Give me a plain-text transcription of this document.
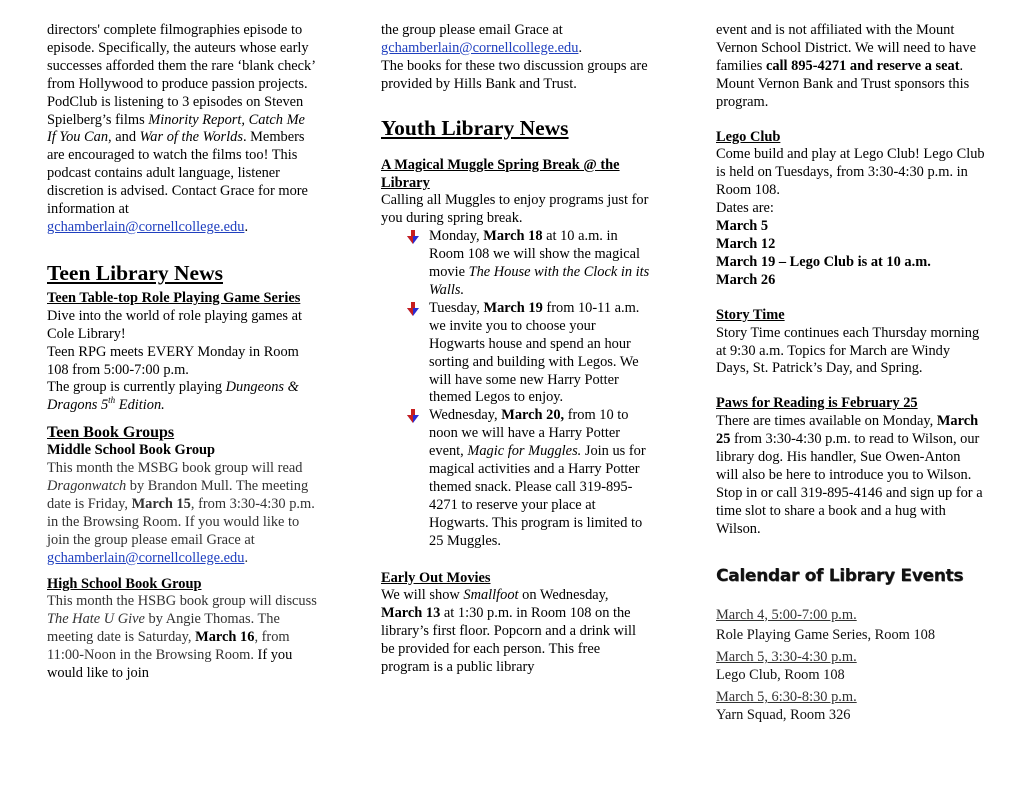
directors' complete filmographies episode to episode. Specifically, the auteurs whose early successes afforded them the rare ‘blank check’ from Hollywood to produce passion projects. PodClub is listening to 3 episodes on Steven Spielberg’s films Minority Report, Catch Me If You Can, and War of the Worlds. Members are encouraged to watch the films too! This podcast contains adult language, listener discretion is advised. Contact Grace for more information at
gchamberlain@cornellcollege.edu.

Teen Library News
Teen Table-top Role Playing Game Series

Dive into the world of role playing games at Cole Library!

Teen RPG meets EVERY Monday in Room 108 from 5:00-7:00 p.m.

The group is currently playing Dungeons & Dragons 5th Edition.

Teen Book Groups
Middle School Book Group

This month the MSBG book group will read Dragonwatch by Brandon Mull. The meeting date is Friday, March 15, from 3:30-4:30 p.m. in the Browsing Room. If you would like to join the group please email Grace at
gchamberlain@cornellcollege.edu.

High School Book Group

This month the HSBG book group will discuss The Hate U Give by Angie Thomas. The meeting date is Saturday, March 16, from 11:00-Noon in the Browsing Room. If you would like to join

the group please email Grace at
gchamberlain@cornellcollege.edu.
The books for these two discussion groups are provided by Hills Bank and Trust.

Youth Library News
A Magical Muggle Spring Break @ the Library

Calling all Muggles to enjoy programs just for you during spring break.

Monday, March 18 at 10 a.m. in Room 108 we will show the magical movie The House with the Clock in its Walls.
Tuesday, March 19 from 10-11 a.m. we invite you to choose your Hogwarts house and spend an hour sorting and building with Legos. We will have some new Harry Potter themed Legos to enjoy.
Wednesday, March 20, from 10 to noon we will have a Harry Potter event, Magic for Muggles. Join us for magical activities and a Harry Potter themed snack. Please call 319-895-4271 to reserve your place at Hogwarts. This program is limited to 25 Muggles.
Early Out Movies

We will show Smallfoot on Wednesday, March 13 at 1:30 p.m. in Room 108 on the library’s first floor. Popcorn and a drink will be provided for each person. This free program is a public library

event and is not affiliated with the Mount Vernon School District. We will need to have families call 895-4271 and reserve a seat. Mount Vernon Bank and Trust sponsors this program.

Lego Club

Come build and play at Lego Club! Lego Club is held on Tuesdays, from 3:30-4:30 p.m. in Room 108.

Dates are:

March 5

March 12

March 19 – Lego Club is at 10 a.m.

March 26

Story Time

Story Time continues each Thursday morning at 9:30 a.m. Topics for March are Windy Days, St. Patrick’s Day, and Spring.

Paws for Reading is February 25

There are times available on Monday, March 25 from 3:30-4:30 p.m. to read to Wilson, our library dog. His handler, Sue Owen-Anton will also be here to introduce you to Wilson. Stop in or call 319-895-4146 and sign up for a time slot to share a book and a hug with Wilson.

Calendar of Library Events
March 4, 5:00-7:00 p.m.
Role Playing Game Series, Room 108
March 5, 3:30-4:30 p.m.
Lego Club, Room 108
March 5, 6:30-8:30 p.m.
Yarn Squad, Room 326
